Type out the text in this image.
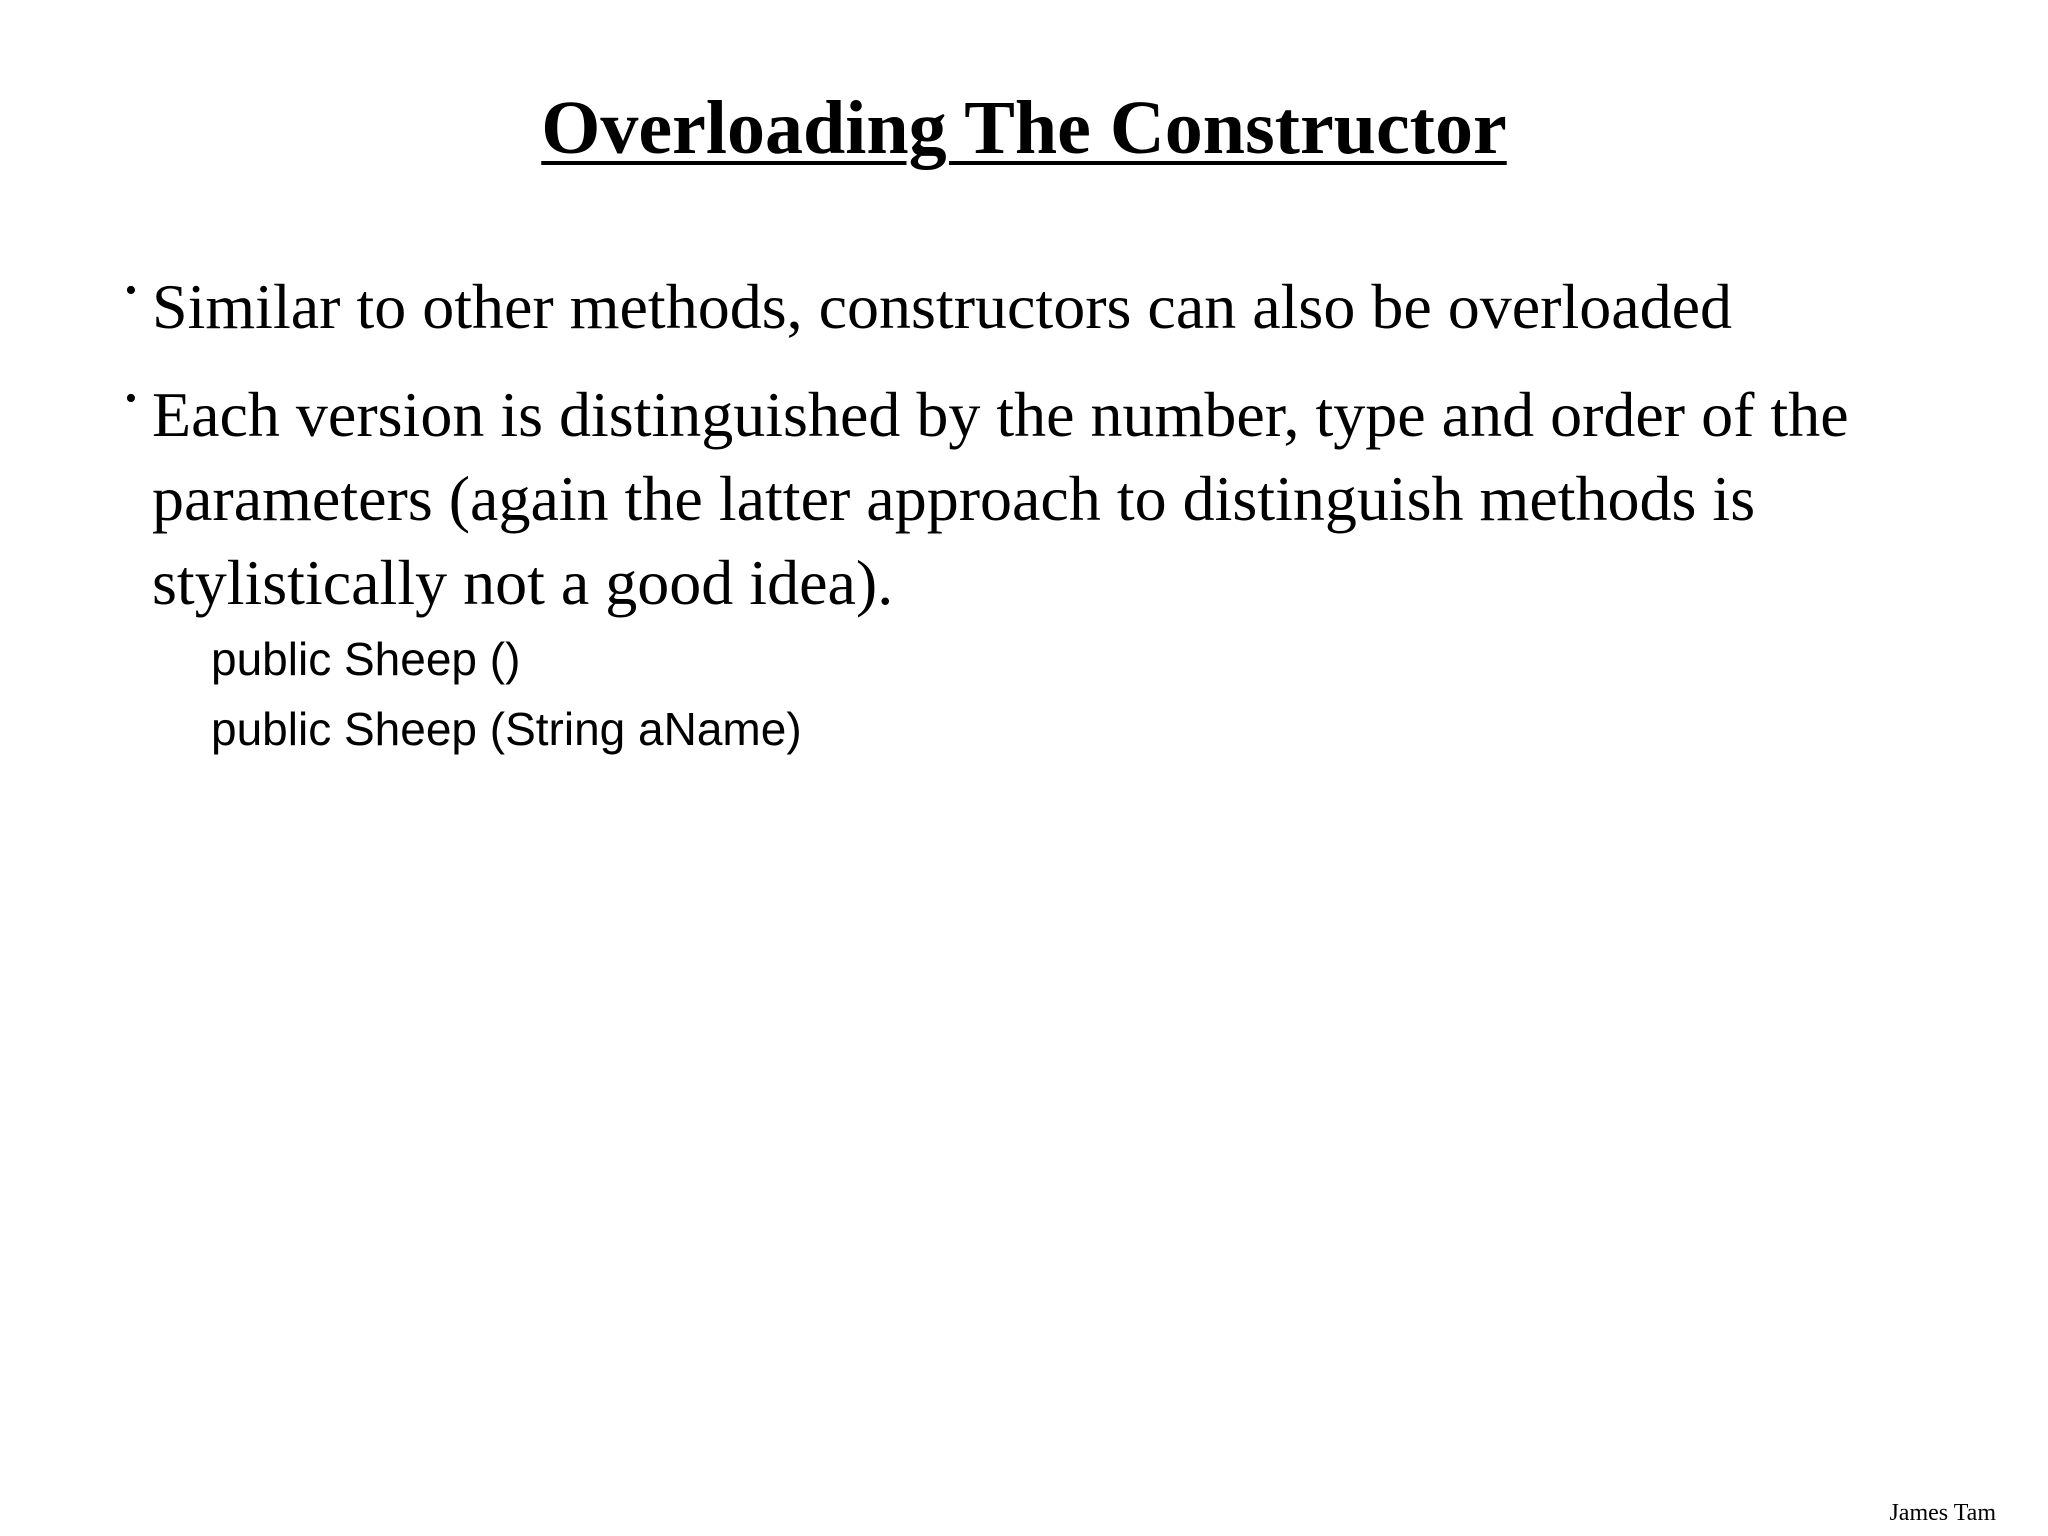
Overloading The Constructor
• Similar to other methods, constructors can also be overloaded
• Each version is distinguished by the number, type and order of the parameters (again the latter approach to distinguish methods is stylistically not a good idea).
public Sheep ()
public Sheep (String aName)
James Tam
